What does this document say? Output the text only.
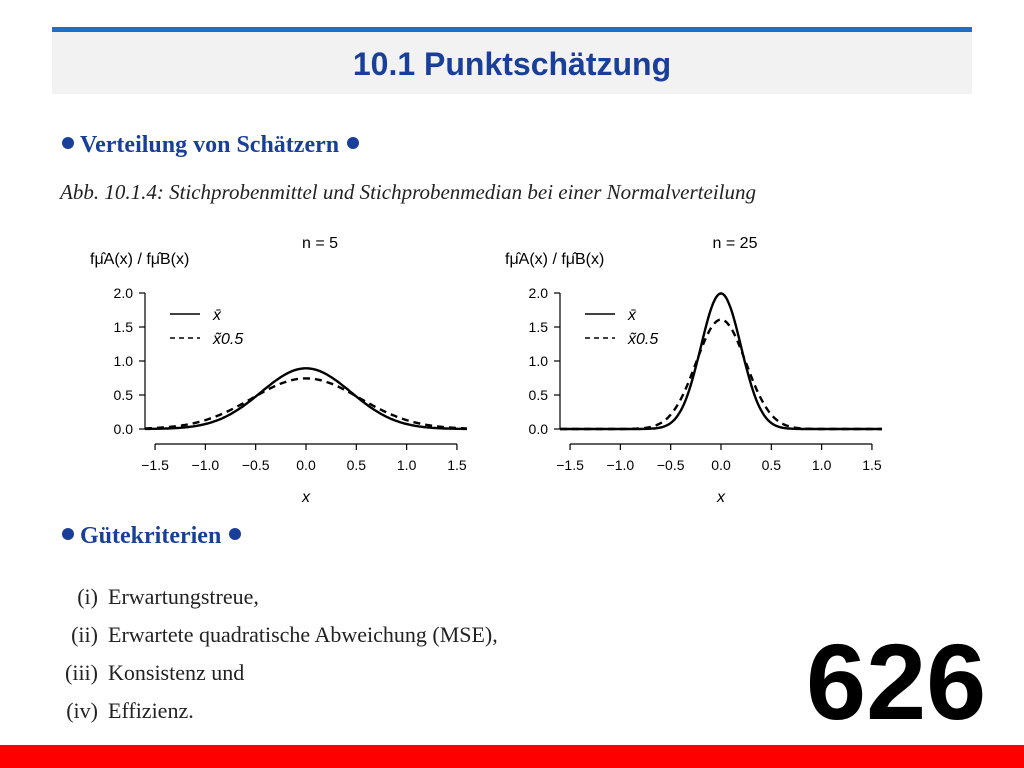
10.1 Punktschätzung
Verteilung von Schätzern
Abb. 10.1.4: Stichprobenmittel und Stichprobenmedian bei einer Normalverteilung
n = 5
fμ̂A(x) / fμ̂B(x)
x
0.0
0.5
1.0
1.5
2.0
−1.5 −1.0 −0.5 0.0 0.5 1.0 1.5
x̄
x̃0.5
n = 25
fμ̂A(x) / fμ̂B(x)
x
0.0
0.5
1.0
1.5
2.0
−1.5 −1.0 −0.5 0.0 0.5 1.0 1.5
x̄
x̃0.5
Gütekriterien
(i) Erwartungstreue,
(ii) Erwartete quadratische Abweichung (MSE),
(iii) Konsistenz und
(iv) Effizienz.	626
